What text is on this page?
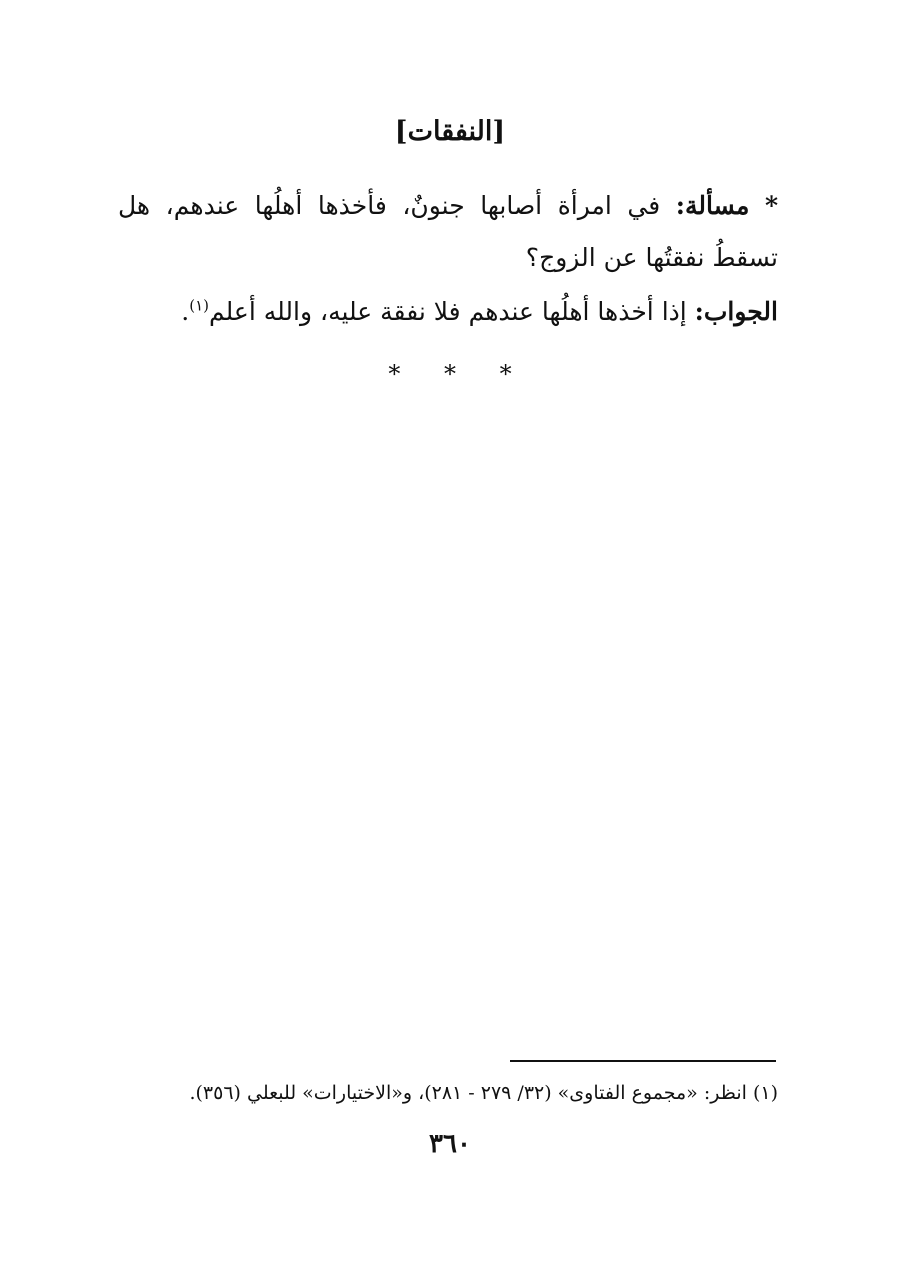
[النفقات]
* مسألة: في امرأة أصابها جنونٌ، فأخذها أهلُها عندهم، هل تسقطُ نفقتُها عن الزوج؟
الجواب: إذا أخذها أهلُها عندهم فلا نفقة عليه، والله أعلم$^{(١)}$.
* * *
(١) انظر: «مجموع الفتاوى» (٣٢/ ٢٧٩ - ٢٨١)، و«الاختيارات» للبعلي (٣٥٦).
٣٦٠
